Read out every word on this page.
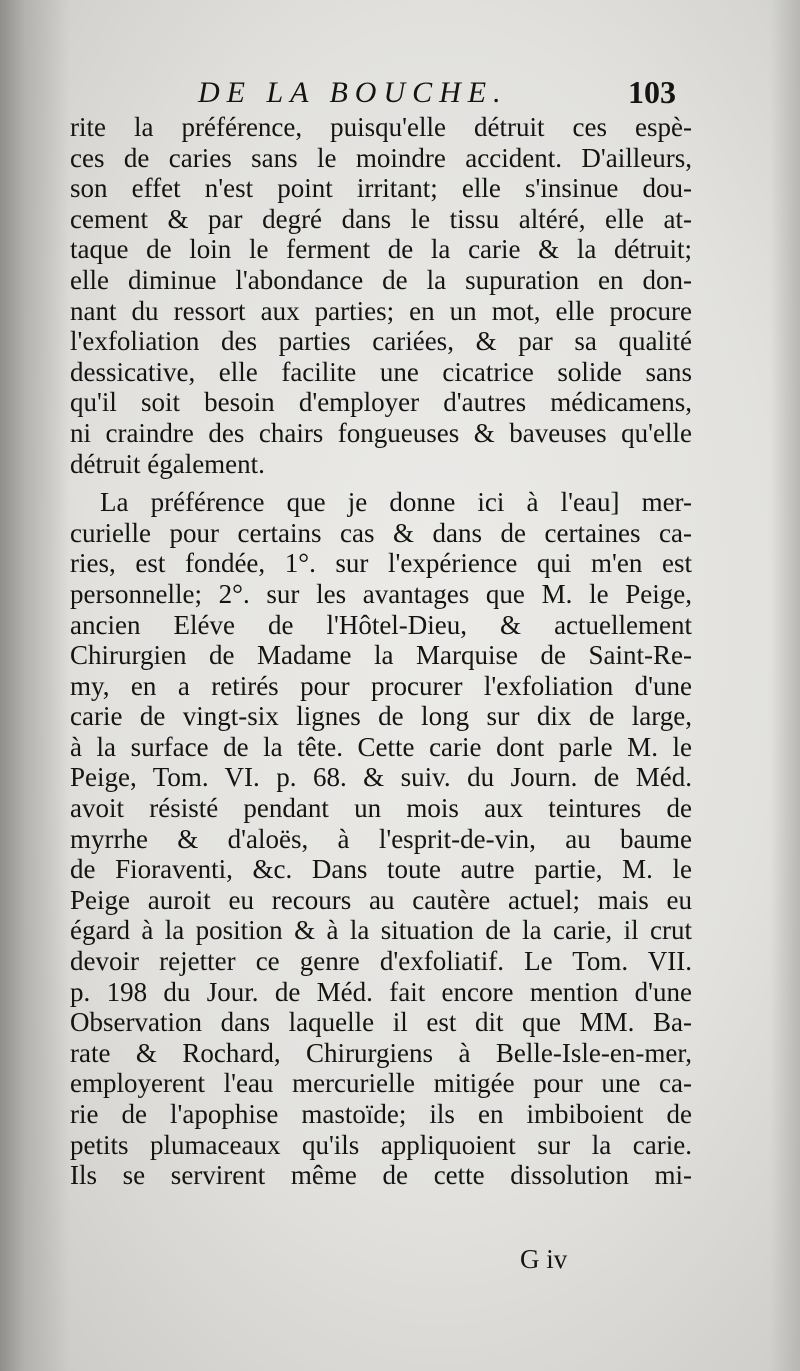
DE LA BOUCHE.	103
rite la préférence, puisqu'elle détruit ces espè-
ces de caries sans le moindre accident. D'ailleurs,
son effet n'est point irritant; elle s'insinue dou-
cement & par degré dans le tissu altéré, elle at-
taque de loin le ferment de la carie & la détruit;
elle diminue l'abondance de la supuration en don-
nant du ressort aux parties; en un mot, elle procure
l'exfoliation des parties cariées, & par sa qualité
dessicative, elle facilite une cicatrice solide sans
qu'il soit besoin d'employer d'autres médicamens,
ni craindre des chairs fongueuses & baveuses qu'elle
détruit également.
La préférence que je donne ici à l'eau] mer-
curielle pour certains cas & dans de certaines ca-
ries, est fondée, 1°. sur l'expérience qui m'en est
personnelle; 2°. sur les avantages que M. le Peige,
ancien Eléve de l'Hôtel-Dieu, & actuellement
Chirurgien de Madame la Marquise de Saint-Re-
my, en a retirés pour procurer l'exfoliation d'une
carie de vingt-six lignes de long sur dix de large,
à la surface de la tête. Cette carie dont parle M. le
Peige, Tom. VI. p. 68. & suiv. du Journ. de Méd.
avoit résisté pendant un mois aux teintures de
myrrhe & d'aloës, à l'esprit-de-vin, au baume
de Fioraventi, &c. Dans toute autre partie, M. le
Peige auroit eu recours au cautère actuel; mais eu
égard à la position & à la situation de la carie, il crut
devoir rejetter ce genre d'exfoliatif. Le Tom. VII.
p. 198 du Jour. de Méd. fait encore mention d'une
Observation dans laquelle il est dit que MM. Ba-
rate & Rochard, Chirurgiens à Belle-Isle-en-mer,
employerent l'eau mercurielle mitigée pour une ca-
rie de l'apophise mastoïde; ils en imbiboient de
petits plumaceaux qu'ils appliquoient sur la carie.
Ils se servirent même de cette dissolution mi-
G iv
